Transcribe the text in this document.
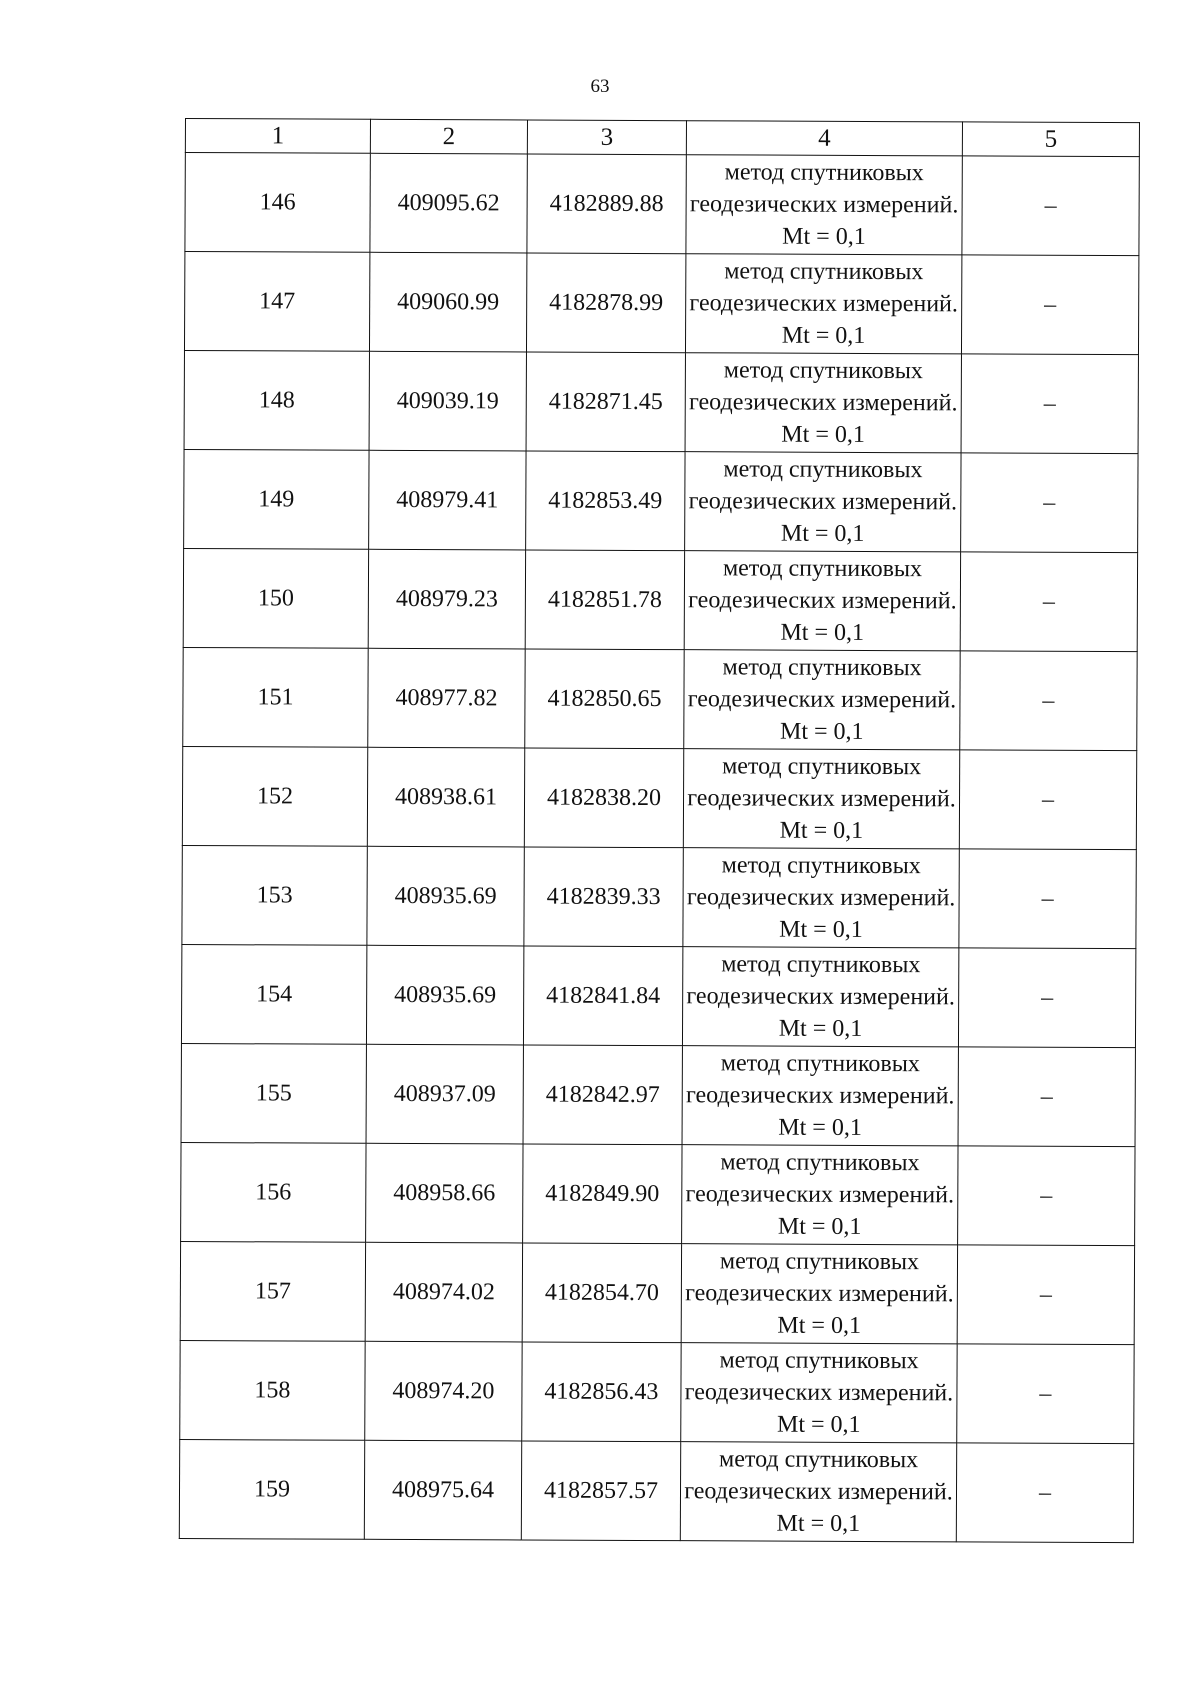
63
1	2	3	4	5
146	409095.62	4182889.88	метод спутниковых геодезических измерений. Mt = 0,1	–
147	409060.99	4182878.99	метод спутниковых геодезических измерений. Mt = 0,1	–
148	409039.19	4182871.45	метод спутниковых геодезических измерений. Mt = 0,1	–
149	408979.41	4182853.49	метод спутниковых геодезических измерений. Mt = 0,1	–
150	408979.23	4182851.78	метод спутниковых геодезических измерений. Mt = 0,1	–
151	408977.82	4182850.65	метод спутниковых геодезических измерений. Mt = 0,1	–
152	408938.61	4182838.20	метод спутниковых геодезических измерений. Mt = 0,1	–
153	408935.69	4182839.33	метод спутниковых геодезических измерений. Mt = 0,1	–
154	408935.69	4182841.84	метод спутниковых геодезических измерений. Mt = 0,1	–
155	408937.09	4182842.97	метод спутниковых геодезических измерений. Mt = 0,1	–
156	408958.66	4182849.90	метод спутниковых геодезических измерений. Mt = 0,1	–
157	408974.02	4182854.70	метод спутниковых геодезических измерений. Mt = 0,1	–
158	408974.20	4182856.43	метод спутниковых геодезических измерений. Mt = 0,1	–
159	408975.64	4182857.57	метод спутниковых геодезических измерений. Mt = 0,1	–
